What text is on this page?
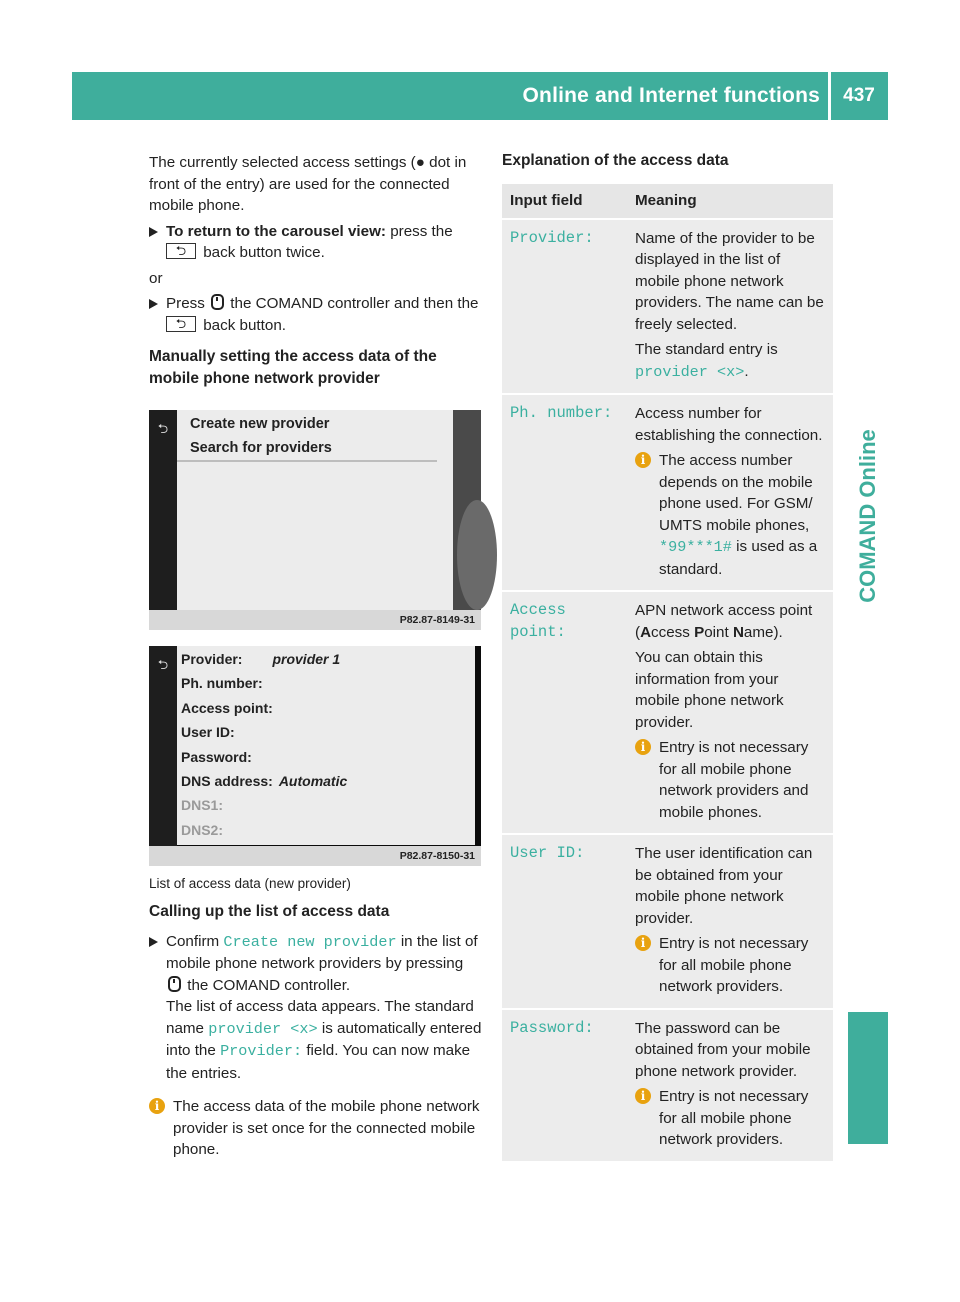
Online and Internet functions	437
COMAND Online

The currently selected access settings (● dot in front of the entry) are used for the connected mobile phone.

To return to the carousel view: press the
⮌ back button twice.

or

Press the COMAND controller and then the ⮌ back button.
Manually setting the access data of the mobile phone network provider
⮌	Create new provider
Search for providers
P82.87-8149-31
⮌ Provider: provider 1
Ph. number:
Access point:
User ID:
Password:
DNS address: Automatic
DNS1:
DNS2:
P82.87-8150-31
List of access data (new provider)
Calling up the list of access data
Confirm Create new provider in the list of mobile phone network providers by pressing  the COMAND controller.
The list of access data appears. The standard name provider <x> is automatically entered into the Provider: field. You can now make the entries.
i The access data of the mobile phone network provider is set once for the connected mobile phone.
Explanation of the access data
Input field	Meaning
Provider:	Name of the provider to be displayed in the list of mobile phone network providers. The name can be freely selected.

The standard entry is
provider <x>.

Ph. number:	Access number for establishing the connection.

i The access number depends on the mobile phone used. For GSM/ UMTS mobile phones, *99***1# is used as a standard.

Access point:	APN network access point (Access Point Name).

You can obtain this information from your mobile phone network provider.

i Entry is not necessary for all mobile phone network providers and mobile phones.

User ID:	The user identification can be obtained from your mobile phone network provider.

i Entry is not necessary for all mobile phone network providers.

Password:	The password can be obtained from your mobile phone network provider.

i Entry is not necessary for all mobile phone network providers.
